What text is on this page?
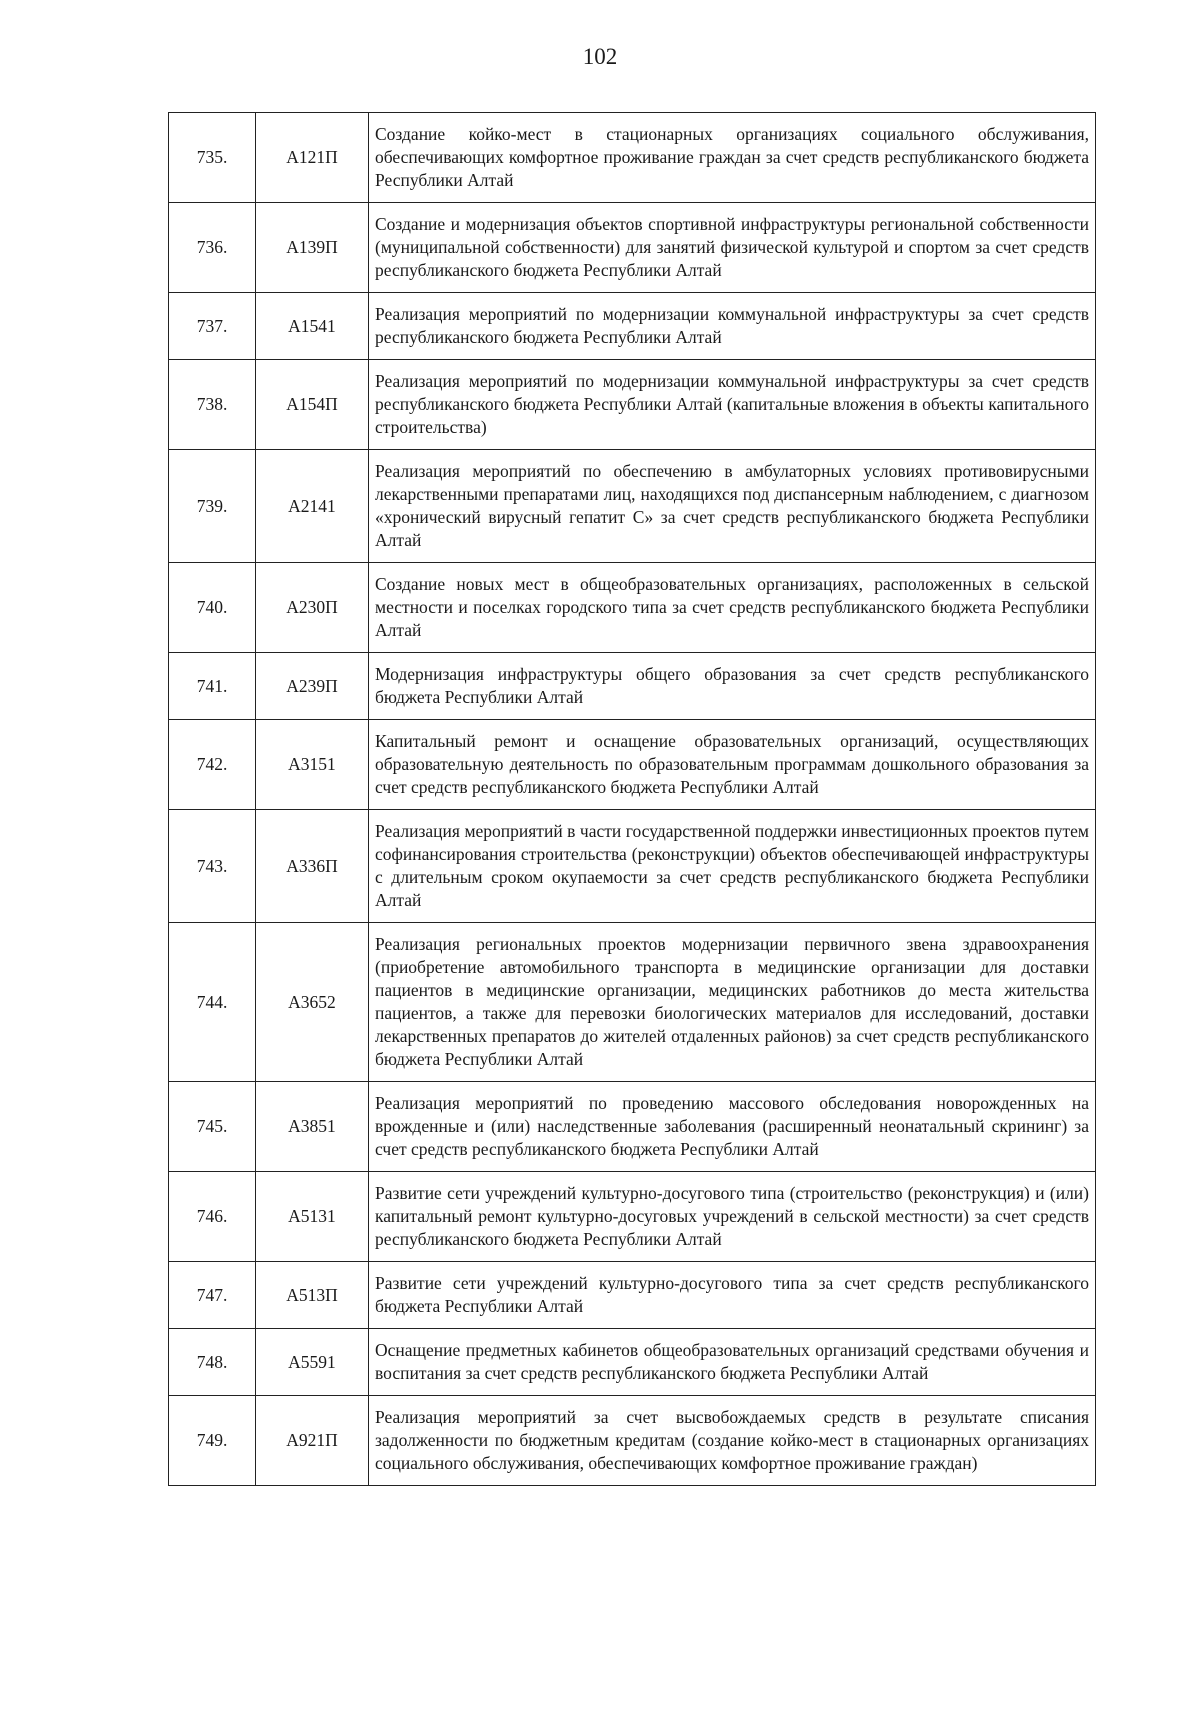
102
735.	А121П	Создание койко-мест в стационарных организациях социального обслуживания, обеспечивающих комфортное проживание граждан за счет средств республиканского бюджета Республики Алтай
736.	А139П	Создание и модернизация объектов спортивной инфраструктуры региональной собственности (муниципальной собственности) для занятий физической культурой и спортом за счет средств республиканского бюджета Республики Алтай
737.	А1541	Реализация мероприятий по модернизации коммунальной инфраструктуры за счет средств республиканского бюджета Республики Алтай
738.	А154П	Реализация мероприятий по модернизации коммунальной инфраструктуры за счет средств республиканского бюджета Республики Алтай (капитальные вложения в объекты капитального строительства)
739.	А2141	Реализация мероприятий по обеспечению в амбулаторных условиях противовирусными лекарственными препаратами лиц, находящихся под диспансерным наблюдением, с диагнозом «хронический вирусный гепатит С» за счет средств республиканского бюджета Республики Алтай
740.	А230П	Создание новых мест в общеобразовательных организациях, расположенных в сельской местности и поселках городского типа за счет средств республиканского бюджета Республики Алтай
741.	А239П	Модернизация инфраструктуры общего образования за счет средств республиканского бюджета Республики Алтай
742.	А3151	Капитальный ремонт и оснащение образовательных организаций, осуществляющих образовательную деятельность по образовательным программам дошкольного образования за счет средств республиканского бюджета Республики Алтай
743.	А336П	Реализация мероприятий в части государственной поддержки инвестиционных проектов путем софинансирования строительства (реконструкции) объектов обеспечивающей инфраструктуры с длительным сроком окупаемости за счет средств республиканского бюджета Республики Алтай
744.	А3652	Реализация региональных проектов модернизации первичного звена здравоохранения (приобретение автомобильного транспорта в медицинские организации для доставки пациентов в медицинские организации, медицинских работников до места жительства пациентов, а также для перевозки биологических материалов для исследований, доставки лекарственных препаратов до жителей отдаленных районов) за счет средств республиканского бюджета Республики Алтай
745.	А3851	Реализация мероприятий по проведению массового обследования новорожденных на врожденные и (или) наследственные заболевания (расширенный неонатальный скрининг) за счет средств республиканского бюджета Республики Алтай
746.	А5131	Развитие сети учреждений культурно-досугового типа (строительство (реконструкция) и (или) капитальный ремонт культурно-досуговых учреждений в сельской местности) за счет средств республиканского бюджета Республики Алтай
747.	А513П	Развитие сети учреждений культурно-досугового типа за счет средств республиканского бюджета Республики Алтай
748.	А5591	Оснащение предметных кабинетов общеобразовательных организаций средствами обучения и воспитания за счет средств республиканского бюджета Республики Алтай
749.	А921П	Реализация мероприятий за счет высвобождаемых средств в результате списания задолженности по бюджетным кредитам (создание койко-мест в стационарных организациях социального обслуживания, обеспечивающих комфортное проживание граждан)
